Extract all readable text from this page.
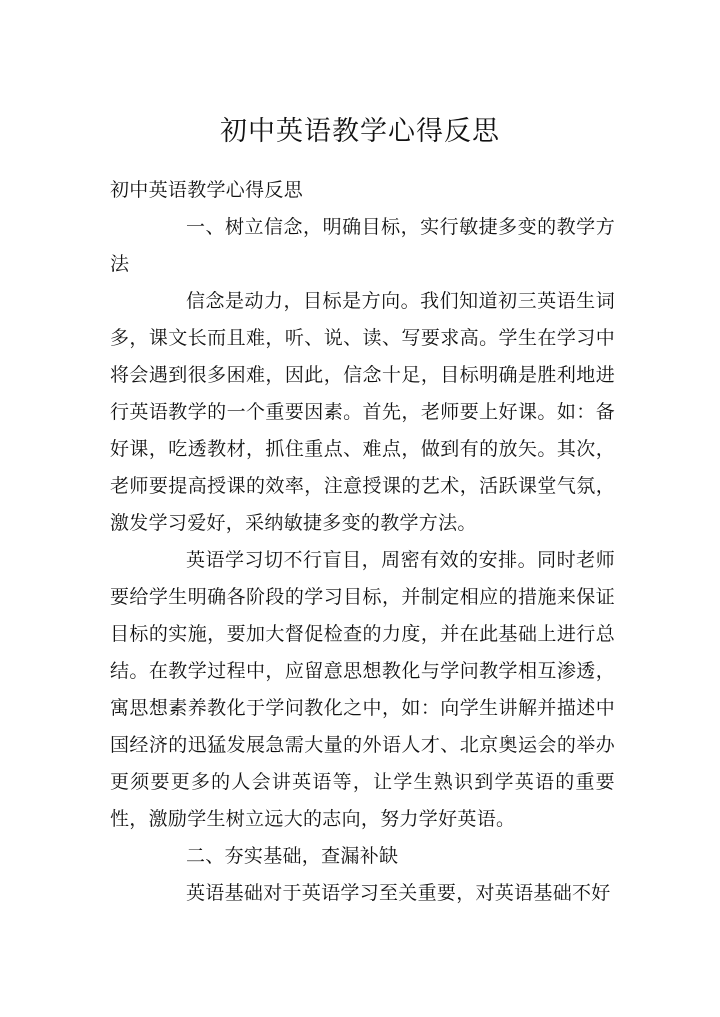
初中英语教学心得反思

初中英语教学心得反思

一、树立信念，明确目标，实行敏捷多变的教学方法

信念是动力，目标是方向。我们知道初三英语生词多，课文长而且难，听、说、读、写要求高。学生在学习中将会遇到很多困难，因此，信念十足，目标明确是胜利地进行英语教学的一个重要因素。首先，老师要上好课。如：备好课，吃透教材，抓住重点、难点，做到有的放矢。其次，老师要提高授课的效率，注意授课的艺术，活跃课堂气氛，激发学习爱好，采纳敏捷多变的教学方法。

英语学习切不行盲目，周密有效的安排。同时老师要给学生明确各阶段的学习目标，并制定相应的措施来保证目标的实施，要加大督促检查的力度，并在此基础上进行总结。在教学过程中，应留意思想教化与学问教学相互渗透，寓思想素养教化于学问教化之中，如：向学生讲解并描述中国经济的迅猛发展急需大量的外语人才、北京奥运会的举办更须要更多的人会讲英语等，让学生熟识到学英语的重要性，激励学生树立远大的志向，努力学好英语。

二、夯实基础，查漏补缺

英语基础对于英语学习至关重要，对英语基础不好
